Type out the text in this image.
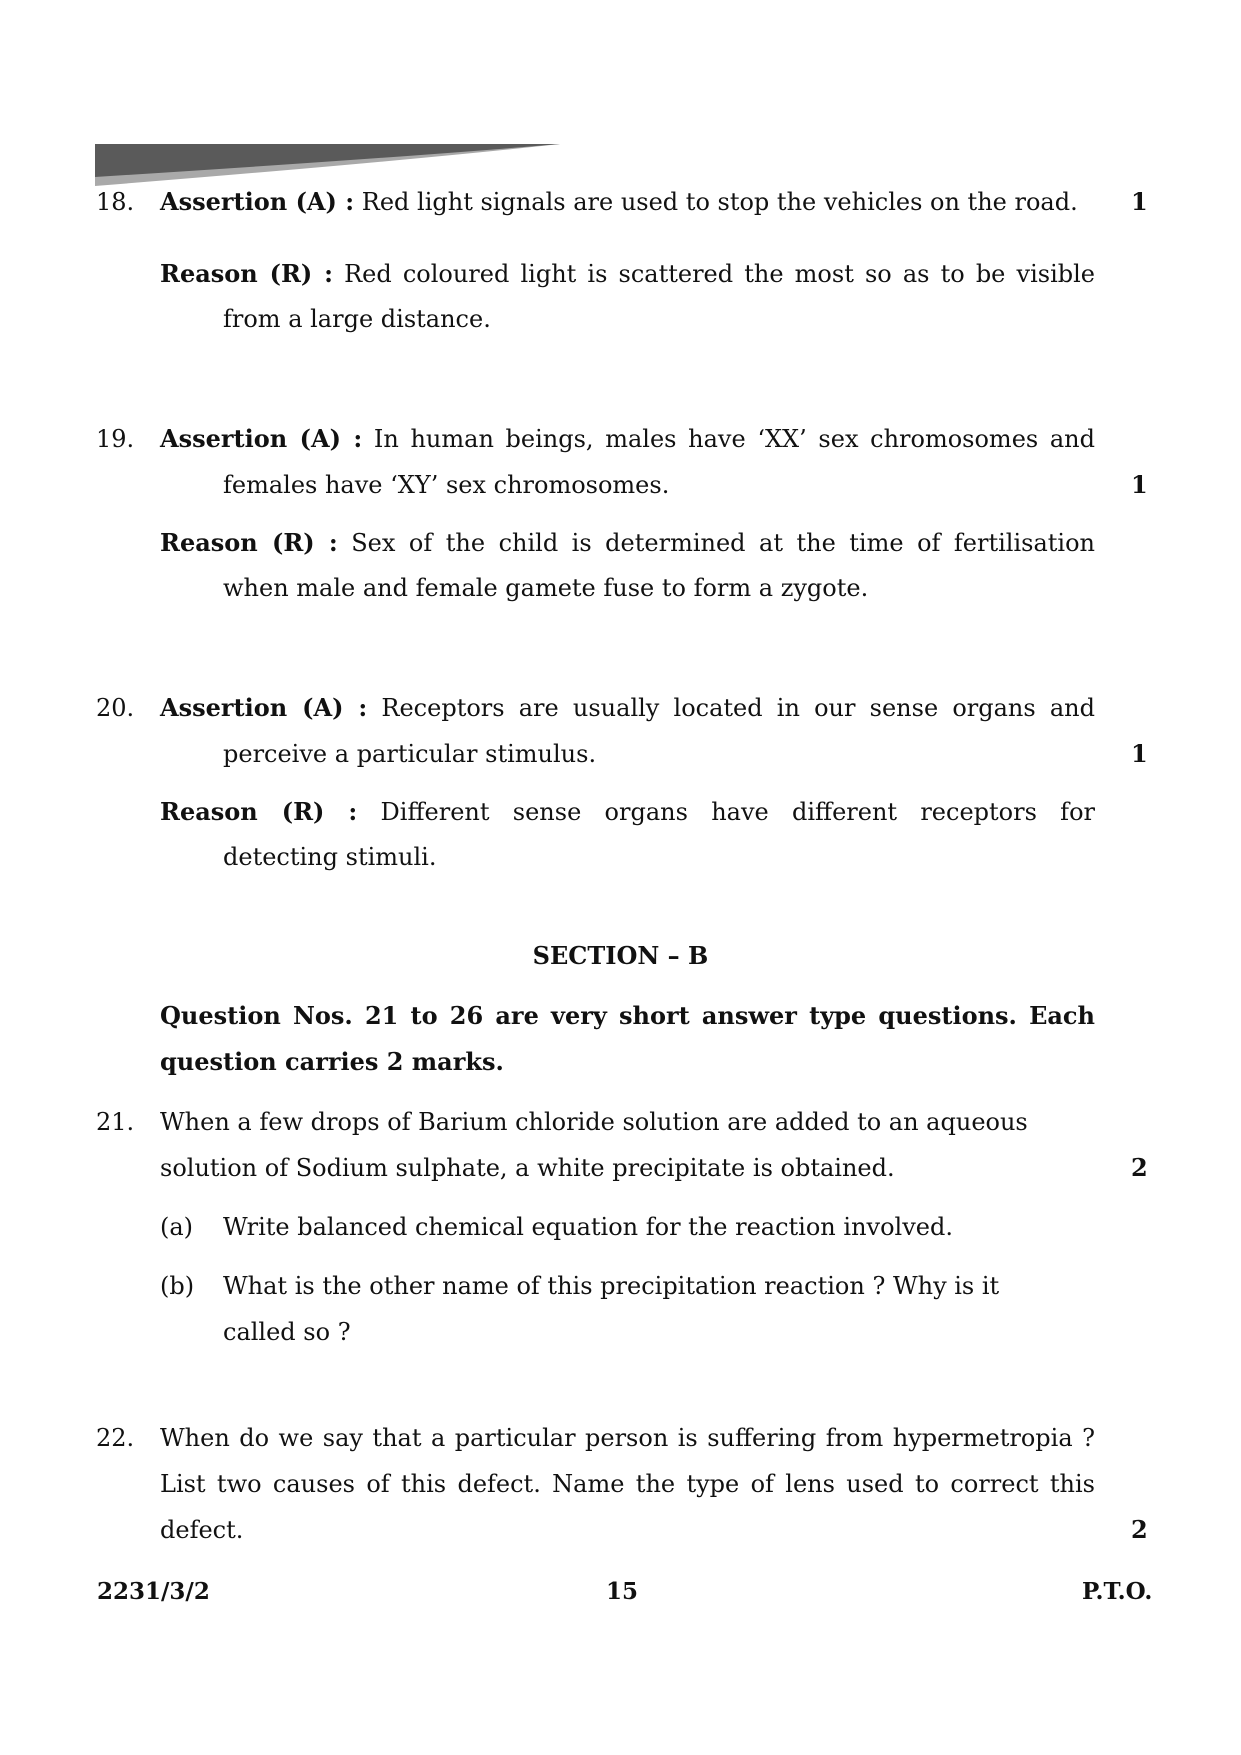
18. Assertion (A) : Red light signals are used to stop the vehicles on the road. 1
Reason (R) : Red coloured light is scattered the most so as to be visible
from a large distance.
19. Assertion (A) : In human beings, males have ‘XX’ sex chromosomes and
females have ‘XY’ sex chromosomes.	1
Reason (R) : Sex of the child is determined at the time of fertilisation
when male and female gamete fuse to form a zygote.
20. Assertion (A) : Receptors are usually located in our sense organs and
perceive a particular stimulus.	1
Reason (R) : Different sense organs have different receptors for
detecting stimuli.
SECTION – B
Question Nos. 21 to 26 are very short answer type questions. Each
question carries 2 marks.
21. When a few drops of Barium chloride solution are added to an aqueous
solution of Sodium sulphate, a white precipitate is obtained.	2
(a) Write balanced chemical equation for the reaction involved.
(b) What is the other name of this precipitation reaction ? Why is it
called so ?
22. When do we say that a particular person is suffering from hypermetropia ?
List two causes of this defect. Name the type of lens used to correct this
defect.	2
2231/3/2	15	P.T.O.
